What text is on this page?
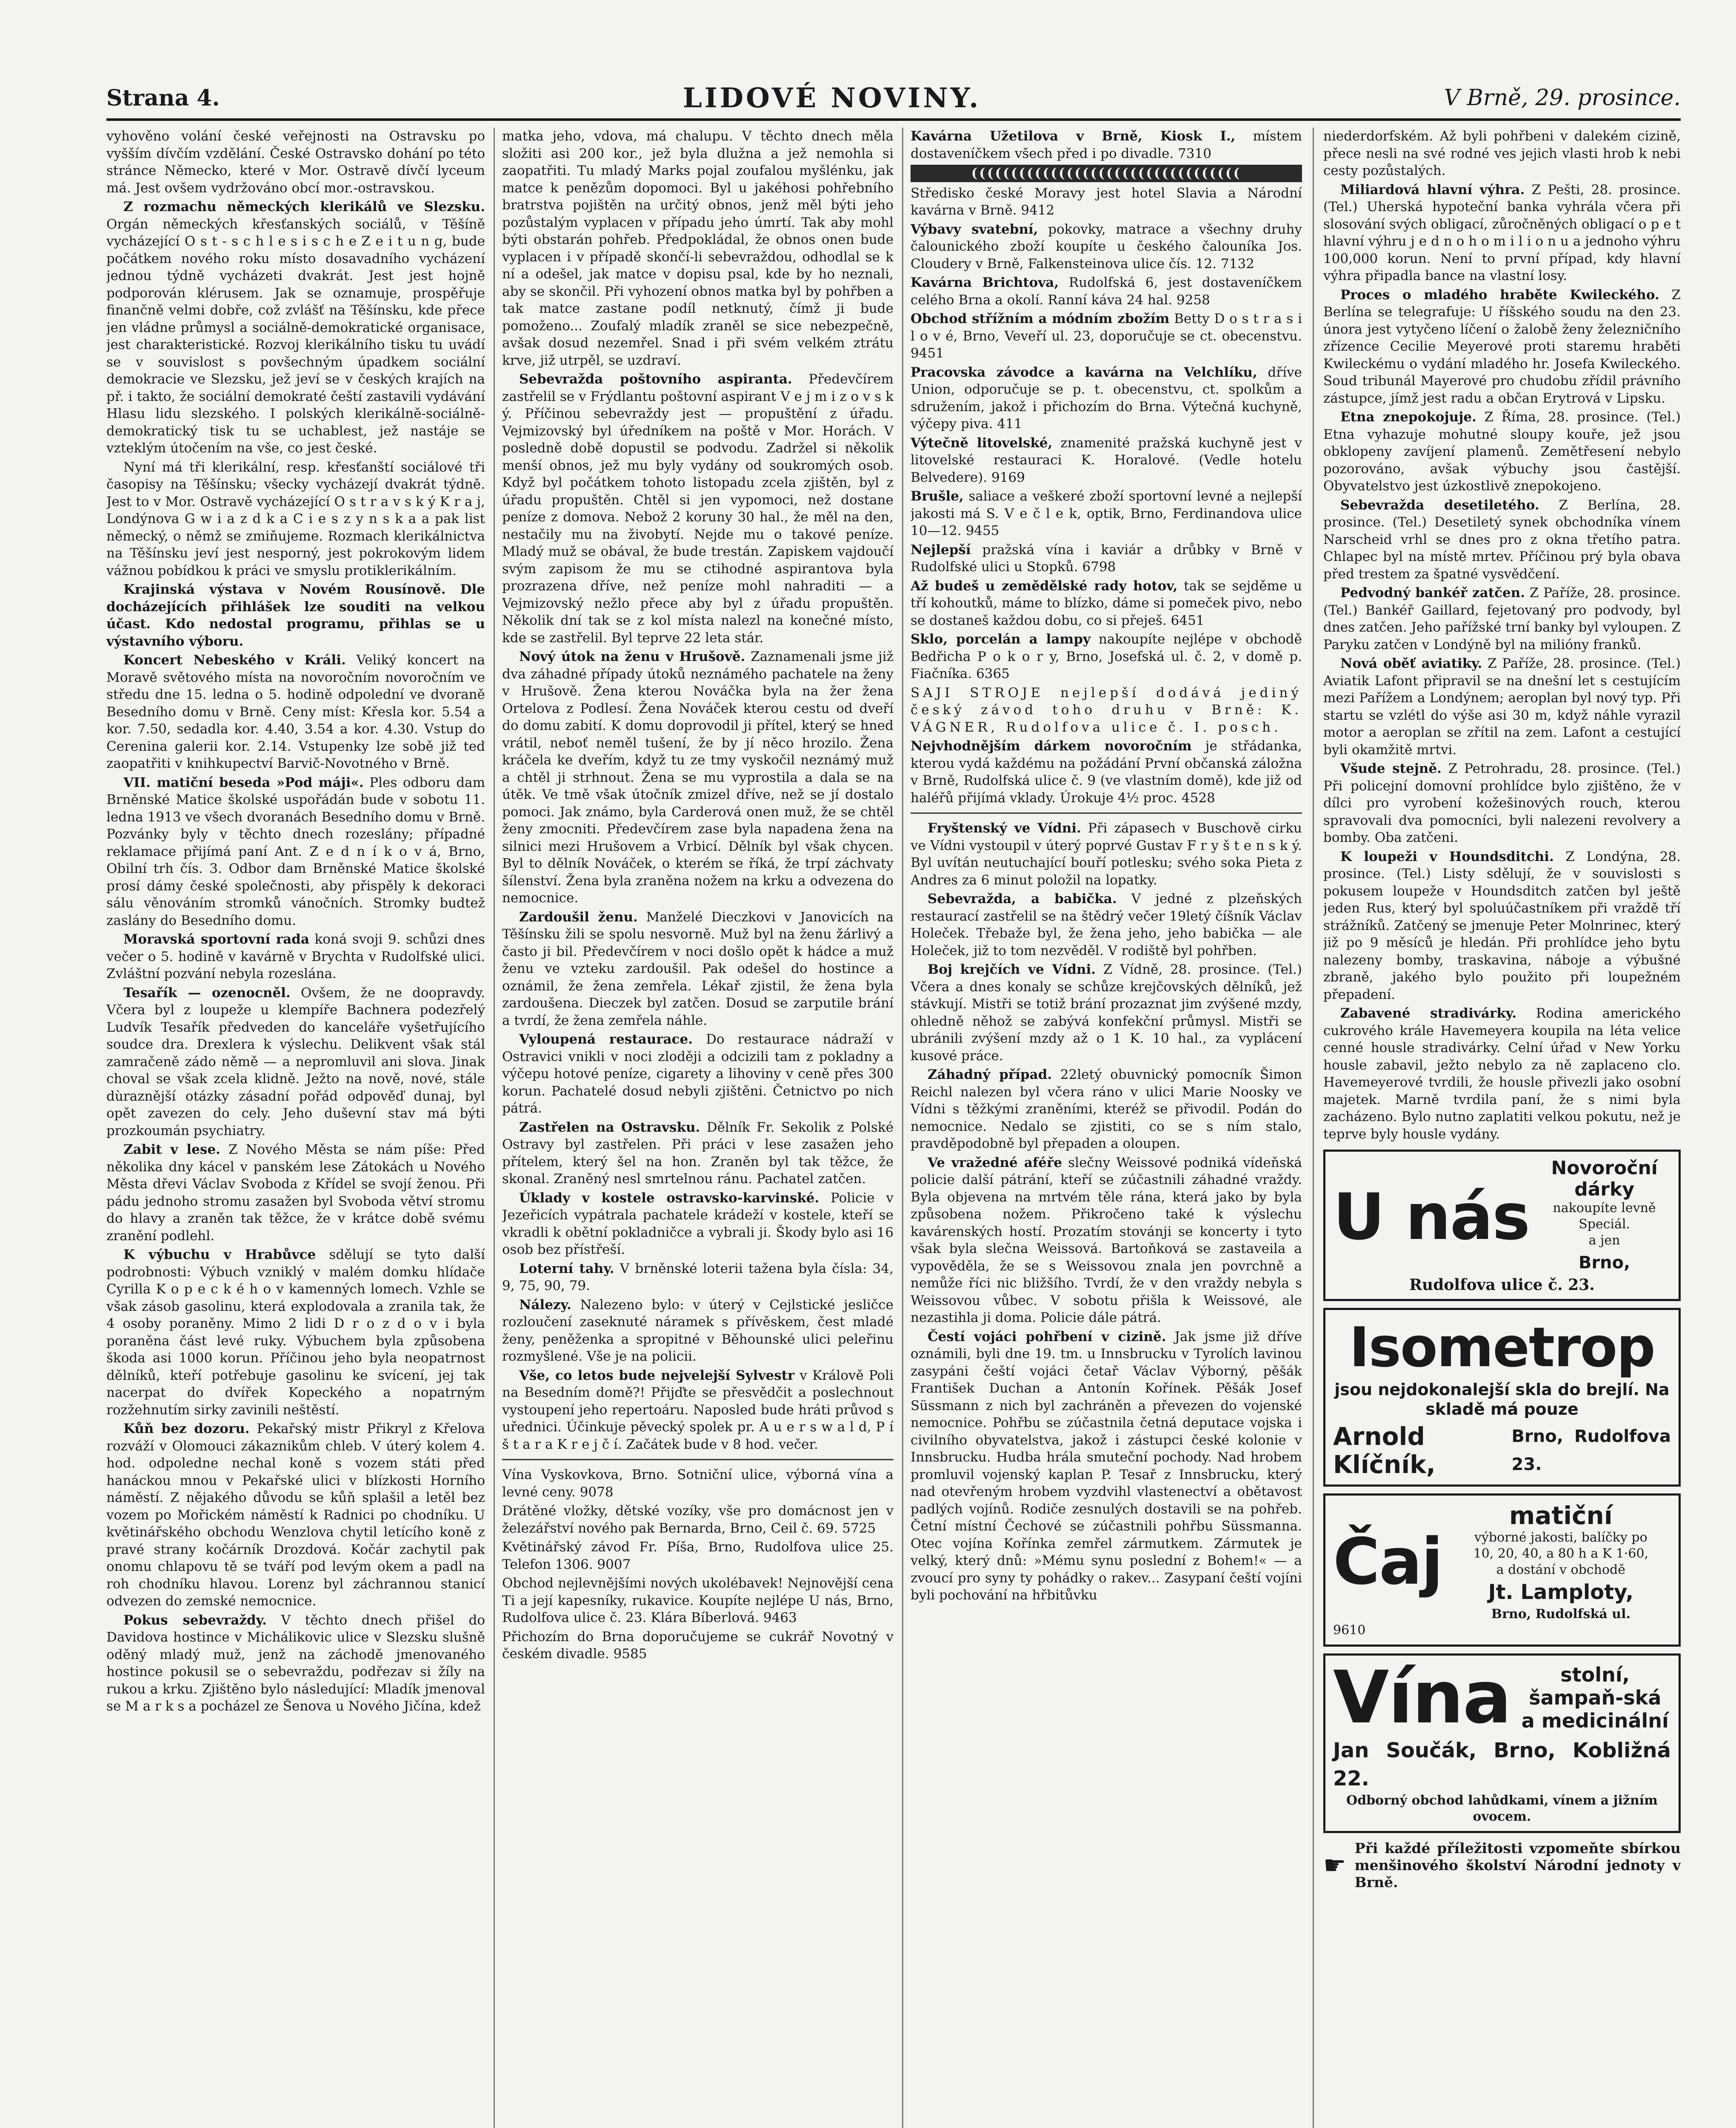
Strana 4.	LIDOVÉ NOVINY.	V Brně, 29. prosince.

vyhověno volání české veřejnosti na Ostravsku po vyšším dívčím vzdělání. České Ostravsko dohání po této stránce Německo, které v Mor. Ostravě dívčí lyceum má. Jest ovšem vydržováno obcí mor.-ostravskou.

Z rozmachu německých klerikálů ve Slezsku. Orgán německých křesťanských sociálů, v Těšíně vycházející O s t - s c h l e s i s c h e Z e i t u n g, bude počátkem nového roku místo dosavadního vycházení jednou týdně vycházeti dvakrát. Jest jest hojně podporován klérusem. Jak se oznamuje, prospěřuje finančně velmi dobře, což zvlášť na Těšínsku, kde přece jen vládne průmysl a sociálně-demokratické organisace, jest charakteristické. Rozvoj klerikálního tisku tu uvádí se v souvislost s povšechným úpadkem sociální demokracie ve Slezsku, jež jeví se v českých krajích na př. i takto, že sociální demokraté čeští zastavili vydávání Hlasu lidu slezského. I polských klerikálně-sociálně-demokratický tisk tu se uchablest, jež nastáje se vzteklým útočením na vše, co jest české.

Nyní má tři klerikální, resp. křesťanští sociálové tři časopisy na Těšínsku; všecky vycházejí dvakrát týdně. Jest to v Mor. Ostravě vycházející O s t r a v s k ý K r a j, Londýnova G w i a z d k a C i e s z y n s k a a pak list německý, o němž se zmiňujeme. Rozmach klerikálnictva na Těšínsku jeví jest nesporný, jest pokrokovým lidem vážnou pobídkou k práci ve smyslu protiklerikálním.

Krajinská výstava v Novém Rousínově. Dle docházejících přihlášek lze souditi na velkou účast. Kdo nedostal programu, přihlas se u výstavního výboru.

Koncert Nebeského v Králi. Veliký koncert na Moravě světového místa na novoročním novoročním ve středu dne 15. ledna o 5. hodině odpolední ve dvoraně Besedního domu v Brně. Ceny míst: Křesla kor. 5.54 a kor. 7.50, sedadla kor. 4.40, 3.54 a kor. 4.30. Vstup do Cerenina galerii kor. 2.14. Vstupenky lze sobě již teď zaopatřiti v knihkupectví Barvič-Novotného v Brně.

VII. matiční beseda »Pod máji«. Ples odboru dam Brněnské Matice školské uspořádán bude v sobotu 11. ledna 1913 ve všech dvoranách Besedního domu v Brně. Pozvánky byly v těchto dnech rozeslány; případné reklamace přijímá paní Ant. Z e d n í k o v á, Brno, Obilní trh čís. 3. Odbor dam Brněnské Matice školské prosí dámy české společnosti, aby přispěly k dekoraci sálu věnováním stromků vánočních. Stromky budtež zaslány do Besedního domu.

Moravská sportovní rada koná svoji 9. schůzi dnes večer o 5. hodině v kavárně v Brychta v Rudolfské ulici. Zvláštní pozvání nebyla rozeslána.

Tesařík — ozenocněl. Ovšem, že ne doopravdy. Včera byl z loupeže u klempíře Bachnera podezřelý Ludvík Tesařík předveden do kanceláře vyšetřujícího soudce dra. Drexlera k výslechu. Delikvent však stál zamračeně zádo němě — a nepromluvil ani slova. Jinak choval se však zcela klidně. Ježto na nově, nové, stále dùraznější otázky zásadní pořád odpověď dunaj, byl opět zavezen do cely. Jeho duševní stav má býti prozkoumán psychiatry.

Zabit v lese. Z Nového Města se nám píše: Před několika dny kácel v panském lese Zátokách u Nového Města dřevi Václav Svoboda z Křídel se svojí ženou. Při pádu jednoho stromu zasažen byl Svoboda větví stromu do hlavy a zraněn tak těžce, že v krátce době svému zranění podlehl.

K výbuchu v Hrabůvce sdělují se tyto další podrobnosti: Výbuch vzniklý v malém domku hlídače Cyrilla K o p e c k é h o v kamenných lomech. Vzhle se však zásob gasolinu, která explodovala a zranila tak, že 4 osoby poraněny. Mimo 2 lidi D r o z d o v i byla poraněna část levé ruky. Výbuchem byla způsobena škoda asi 1000 korun. Příčinou jeho byla neopatrnost dělníků, kteří potřebuje gasolinu ke svícení, jej tak nacerpat do dvířek Kopeckého a nopatrným rozžehnutím sirky zavinili neštěstí.

Kůň bez dozoru. Pekařský mistr Přikryl z Křelova rozváží v Olomouci zákaznikům chleb. V úterý kolem 4. hod. odpoledne nechal koně s vozem státi před hanáckou mnou v Pekařské ulici v blízkosti Horního náměstí. Z nějakého důvodu se kůň splašil a letěl bez vozem po Mořickém náměstí k Radnici po chodníku. U květinářského obchodu Wenzlova chytil letícího koně z pravé strany kočárník Drozdová. Kočár zachytil pak onomu chlapovu tě se tváří pod levým okem a padl na roh chodníku hlavou. Lorenz byl záchrannou stanicí odvezen do zemské nemocnice.

Pokus sebevraždy. V těchto dnech přišel do Davidova hostince v Michálikovic ulice v Slezsku slušně oděný mladý muž, jenž na záchodě jmenovaného hostince pokusil se o sebevraždu, podřezav si žíly na rukou a krku. Zjištěno bylo následující: Mladík jmenoval se M a r k s a pocházel ze Šenova u Nového Jičína, kdež

matka jeho, vdova, má chalupu. V těchto dnech měla složiti asi 200 kor., jež byla dlužna a jež nemohla si zaopatřiti. Tu mladý Marks pojal zoufalou myšlénku, jak matce k penězům dopomoci. Byl u jakéhosi pohřebního bratrstva pojištěn na určitý obnos, jenž měl býti jeho pozůstalým vyplacen v případu jeho úmrtí. Tak aby mohl býti obstarán pohřeb. Předpokládal, že obnos onen bude vyplacen i v případě skončí-li sebevraždou, odhodlal se k ní a odešel, jak matce v dopisu psal, kde by ho neznali, aby se skončil. Při vyhození obnos matka byl by pohřben a tak matce zastane podíl netknutý, čímž ji bude pomoženo... Zoufalý mladík zraněl se sice nebezpečně, avšak dosud nezemřel. Snad i při svém velkém ztrátu krve, již utrpěl, se uzdraví.

Sebevražda poštovního aspiranta. Předevčírem zastřelil se v Frýdlantu poštovní aspirant V e j m i z o v s k ý. Příčinou sebevraždy jest — propuštění z úřadu. Vejmizovský byl úředníkem na poště v Mor. Horách. V posledně době dopustil se podvodu. Zadržel si několik menší obnos, jež mu byly vydány od soukromých osob. Když byl počátkem tohoto listopadu zcela zjištěn, byl z úřadu propuštěn. Chtěl si jen vypomoci, než dostane peníze z domova. Nebož 2 koruny 30 hal., že měl na den, nestačily mu na živobytí. Nejde mu o takové peníze. Mladý muž se obával, že bude trestán. Zapiskem vajdoučí svým zapisom že mu se ctihodné aspirantova byla prozrazena dříve, než peníze mohl nahraditi — a Vejmizovský nežlo přece aby byl z úřadu propuštěn. Několik dní tak se z kol místa nalezl na konečné místo, kde se zastřelil. Byl teprve 22 leta stár.

Nový útok na ženu v Hrušově. Zaznamenali jsme již dva záhadné případy útoků neznámého pachatele na ženy v Hrušově. Žena kterou Nováčka byla na žer žena Ortelova z Podlesí. Žena Nováček kterou cestu od dveří do domu zabití. K domu doprovodil ji přítel, který se hned vrátil, neboť neměl tušení, že by jí něco hrozilo. Žena kráčela ke dveřím, když tu ze tmy vyskočil neznámý muž a chtěl ji strhnout. Žena se mu vyprostila a dala se na útěk. Ve tmě však útočník zmizel dříve, než se jí dostalo pomoci. Jak známo, byla Carderová onen muž, že se chtěl ženy zmocniti. Předevčírem zase byla napadena žena na silnici mezi Hrušovem a Vrbicí. Dělník byl však chycen. Byl to dělník Nováček, o kterém se říká, že trpí záchvaty šílenství. Žena byla zraněna nožem na krku a odvezena do nemocnice.

Zardoušil ženu. Manželé Dieczkovi v Janovicích na Těšínsku žili se spolu nesvorně. Muž byl na ženu žárlivý a často ji bil. Předevčírem v noci došlo opět k hádce a muž ženu ve vzteku zardoušil. Pak odešel do hostince a oznámil, že žena zemřela. Lékař zjistil, že žena byla zardoušena. Dieczek byl zatčen. Dosud se zarputile brání a tvrdí, že žena zemřela náhle.

Vyloupená restaurace. Do restaurace nádraží v Ostravici vnikli v noci zloději a odcizili tam z pokladny a výčepu hotové peníze, cigarety a lihoviny v ceně přes 300 korun. Pachatelé dosud nebyli zjištěni. Četnictvo po nich pátrá.

Zastřelen na Ostravsku. Dělník Fr. Sekolik z Polské Ostravy byl zastřelen. Při práci v lese zasažen jeho přítelem, který šel na hon. Zraněn byl tak těžce, že skonal. Zraněný nesl smrtelnou ránu. Pachatel zatčen.

Úklady v kostele ostravsko-karvinské. Policie v Jezeřicích vypátrala pachatele krádeží v kostele, kteří se vkradli k obětní pokladničce a vybrali ji. Škody bylo asi 16 osob bez přístřeší.

Loterní tahy. V brněnské loterii tažena byla čísla: 34, 9, 75, 90, 79.

Nálezy. Nalezeno bylo: v úterý v Cejlstické jesličce rozloučení zaseknuté náramek s přívěskem, čest mladé ženy, peněženka a spropitné v Běhounské ulici peleřinu rozmyšlené. Vše je na policii.

Vše, co letos bude nejvelejší Sylvestr v Králově Poli na Besedním domě?! Přijďte se přesvědčit a poslechnout vystoupení jeho repertoáru. Naposled bude hráti průvod s uřednici. Účinkuje pěvecký spolek pr. A u e r s w a l d, P í š t a r a K r e j č í. Začátek bude v 8 hod. večer.

Vína Vyskovkova, Brno. Sotniční ulice, výborná vína a levné ceny. 9078

Drátěné vložky, dětské vozíky, vše pro domácnost jen v železářství nového pak Bernarda, Brno, Ceil č. 69. 5725

Květinářský závod Fr. Píša, Brno, Rudolfova ulice 25. Telefon 1306. 9007

Obchod nejlevnějšími nových ukolébavek! Nejnovější cena Ti a její kapesníky, rukavice. Koupíte nejlépe U nás, Brno, Rudolfova ulice č. 23. Klára Bíberlová. 9463

Přichozím do Brna doporučujeme se cukrář Novotný v českém divadle. 9585

Kavárna Užetilova v Brně, Kiosk I., místem dostaveníčkem všech před i po divadle. 7310

((((((((((((((((((((((((((((((((((

Středisko české Moravy jest hotel Slavia a Národní kavárna v Brně. 9412

Výbavy svatební, pokovky, matrace a všechny druhy čalounického zboží koupíte u českého čalouníka Jos. Cloudery v Brně, Falkensteinova ulice čís. 12. 7132

Kavárna Brichtova, Rudolfská 6, jest dostaveníčkem celého Brna a okolí. Ranní káva 24 hal. 9258

Obchod střížním a módním zbožím Betty D o s t r a s i l o v é, Brno, Veveří ul. 23, doporučuje se ct. obecenstvu. 9451

Pracovska závodce a kavárna na Velchlíku, dříve Union, odporučuje se p. t. obecenstvu, ct. spolkům a sdružením, jakož i přichozím do Brna. Výtečná kuchyně, výčepy piva. 411

Výtečně litovelské, znamenité pražská kuchyně jest v litovelské restauraci K. Horalové. (Vedle hotelu Belvedere). 9169

Brušle, saliace a veškeré zboží sportovní levné a nejlepší jakosti má S. V e č l e k, optik, Brno, Ferdinandova ulice 10—12. 9455

Nejlepší pražská vína i kaviár a drůbky v Brně v Rudolfské ulici u Stopků. 6798

Až budeš u zemědělské rady hotov, tak se sejděme u tří kohoutků, máme to blízko, dáme si pomeček pivo, nebo se dostaneš každou dobu, co si přeješ. 6451

Sklo, porcelán a lampy nakoupíte nejlépe v obchodě Bedřicha P o k o r y, Brno, Josefská ul. č. 2, v domě p. Fiačníka. 6365

SAJI STROJE nejlepší dodává jediný český závod toho druhu v Brně: K. VÁGNER, Rudolfova ulice č. I. posch.

Nejvhodnějším dárkem novoročním je střádanka, kterou vydá každému na požádání První občanská záložna v Brně, Rudolfská ulice č. 9 (ve vlastním domě), kde již od haléřů přijímá vklady. Úrokuje 4½ proc. 4528

Fryštenský ve Vídni. Při zápasech v Buschově cirku ve Vídni vystoupil v úterý poprvé Gustav F r y š t e n s k ý. Byl uvítán neutuchající bouří potlesku; svého soka Pieta z Andres za 6 minut položil na lopatky.

Sebevražda, a babička. V jedné z plzeňských restaurací zastřelil se na štědrý večer 19letý číšník Václav Holeček. Třebaže byl, že žena jeho, jeho babička — ale Holeček, již to tom nezvěděl. V rodiště byl pohřben.

Boj krejčích ve Vídni. Z Vídně, 28. prosince. (Tel.) Včera a dnes konaly se schůze krejčovských dělníků, jež stávkují. Mistři se totiž brání prozaznat jim zvýšené mzdy, ohledně něhož se zabývá konfekční průmysl. Mistři se ubránili zvýšení mzdy až o 1 K. 10 hal., za vyplácení kusové práce.

Záhadný případ. 22letý obuvnický pomocník Šimon Reichl nalezen byl včera ráno v ulici Marie Noosky ve Vídni s těžkými zraněními, kteréž se přivodil. Podán do nemocnice. Nedalo se zjistiti, co se s ním stalo, pravděpodobně byl přepaden a oloupen.

Ve vražedné aféře slečny Weissové podniká vídeňská policie další pátrání, kteří se zúčastnili záhadné vraždy. Byla objevena na mrtvém těle rána, která jako by byla způsobena nožem. Přikročeno také k výslechu kavárenských hostí. Prozatím stovánji se koncerty i tyto však byla slečna Weissová. Bartoňková se zastaveila a vypověděla, že se s Weissovou znala jen povrchně a nemůže říci nic bližšího. Tvrdí, že v den vraždy nebyla s Weissovou vůbec. V sobotu přišla k Weissové, ale nezastihla ji doma. Policie dále pátrá.

Čestí vojáci pohřbení v cizině. Jak jsme již dříve oznámili, byli dne 19. tm. u Innsbrucku v Tyrolích lavinou zasypáni čeští vojáci četař Václav Výborný, pěšák František Duchan a Antonín Kořínek. Pěšák Josef Süssmann z nich byl zachráněn a převezen do vojenské nemocnice. Pohřbu se zúčastnila četná deputace vojska i civilního obyvatelstva, jakož i zástupci české kolonie v Innsbrucku. Hudba hrála smuteční pochody. Nad hrobem promluvil vojenský kaplan P. Tesař z Innsbrucku, který nad otevřeným hrobem vyzdvihl vlastenectví a obětavost padlých vojínů. Rodiče zesnulých dostavili se na pohřeb. Četní místní Čechové se zúčastnili pohřbu Süssmanna. Otec vojína Kořínka zemřel zármutkem. Zármutek je velký, který dnů: »Mému synu poslední z Bohem!« — a zvoucí pro syny ty pohádky o rakev... Zasypaní čeští vojíni byli pochování na hřbitůvku

niederdorfském. Až byli pohřbeni v dalekém cizině, přece nesli na své rodné ves jejich vlasti hrob k nebi cesty pozůstalých.

Miliardová hlavní výhra. Z Pešti, 28. prosince. (Tel.) Uherská hypoteční banka vyhrála včera při slosování svých obligací, zůročněných obligací o p e t hlavní výhru j e d n o h o m i l i o n u a jednoho výhru 100,000 korun. Není to první případ, kdy hlavní výhra připadla bance na vlastní losy.

Proces o mladého hraběte Kwileckého. Z Berlína se telegrafuje: U říšského soudu na den 23. února jest vytyčeno líčení o žalobě ženy železničního zřízence Cecilie Meyerové proti staremu hraběti Kwileckému o vydání mladého hr. Josefa Kwileckého. Soud tribunál Mayerové pro chudobu zřídil právního zástupce, jímž jest radu a občan Erytrová v Lipsku.

Etna znepokojuje. Z Říma, 28. prosince. (Tel.) Etna vyhazuje mohutné sloupy kouře, jež jsou obklopeny zavíjení plamenů. Zemětřesení nebylo pozorováno, avšak výbuchy jsou častější. Obyvatelstvo jest úzkostlivě znepokojeno.

Sebevražda desetiletého. Z Berlína, 28. prosince. (Tel.) Desetiletý synek obchodníka vínem Narscheid vrhl se dnes pro z okna třetího patra. Chlapec byl na místě mrtev. Příčinou prý byla obava před trestem za špatné vysvědčení.

Pedvodný bankéř zatčen. Z Paříže, 28. prosince. (Tel.) Bankéř Gaillard, fejetovaný pro podvody, byl dnes zatčen. Jeho pařížské trní banky byl vyloupen. Z Paryku zatčen v Londýně byl na milióny franků.

Nová oběť aviatiky. Z Paříže, 28. prosince. (Tel.) Aviatik Lafont připravil se na dnešní let s cestujícím mezi Pařížem a Londýnem; aeroplan byl nový typ. Při startu se vzlétl do výše asi 30 m, když náhle vyrazil motor a aeroplan se zřítil na zem. Lafont a cestující byli okamžitě mrtvi.

Všude stejně. Z Petrohradu, 28. prosince. (Tel.) Při policejní domovní prohlídce bylo zjištěno, že v dílci pro vyrobení kožešinových rouch, kterou spravovali dva pomocníci, byli nalezeni revolvery a bomby. Oba zatčeni.

K loupeži v Houndsditchi. Z Londýna, 28. prosince. (Tel.) Listy sdělují, že v souvislosti s pokusem loupeže v Houndsditch zatčen byl ještě jeden Rus, který byl spoluúčastníkem při vraždě tří strážníků. Zatčený se jmenuje Peter Molnrinec, který již po 9 měsíců je hledán. Při prohlídce jeho bytu nalezeny bomby, traskavina, náboje a výbušné zbraně, jakého bylo použito při loupežném přepadení.

Zabavené stradivárky. Rodina amerického cukrového krále Havemeyera koupila na léta velice cenné housle stradivárky. Celní úřad v New Yorku housle zabavil, ježto nebylo za ně zaplaceno clo. Havemeyerové tvrdili, že housle přivezli jako osobní majetek. Marně tvrdila paní, že s nimi byla zacházeno. Bylo nutno zaplatiti velkou pokutu, než je teprve byly housle vydány.

U nás
Novoroční
dárky
nakoupíte levně
Speciál.
a jen
Brno,
Rudolfova ulice č. 23.
Isometrop
jsou nejdokonalejší skla do brejlí. Na skladě má pouze
Arnold Klíčník,
Brno, Rudolfova 23.
Čaj
matiční
výborné jakosti, balíčky po
10, 20, 40, a 80 h a K 1·60,
a dostání v obchodě
Jt. Lamploty,
Brno, Rudolfská ul.
9610
Vína	stolní, šampaň-ská a medicinální
Jan Součák, Brno, Kobližná 22.
Odborný obchod lahůdkami, vínem a jižním ovocem.
☛
Při každé příležitosti vzpomeňte sbírkou menšinového školství Národní jednoty v Brně.
